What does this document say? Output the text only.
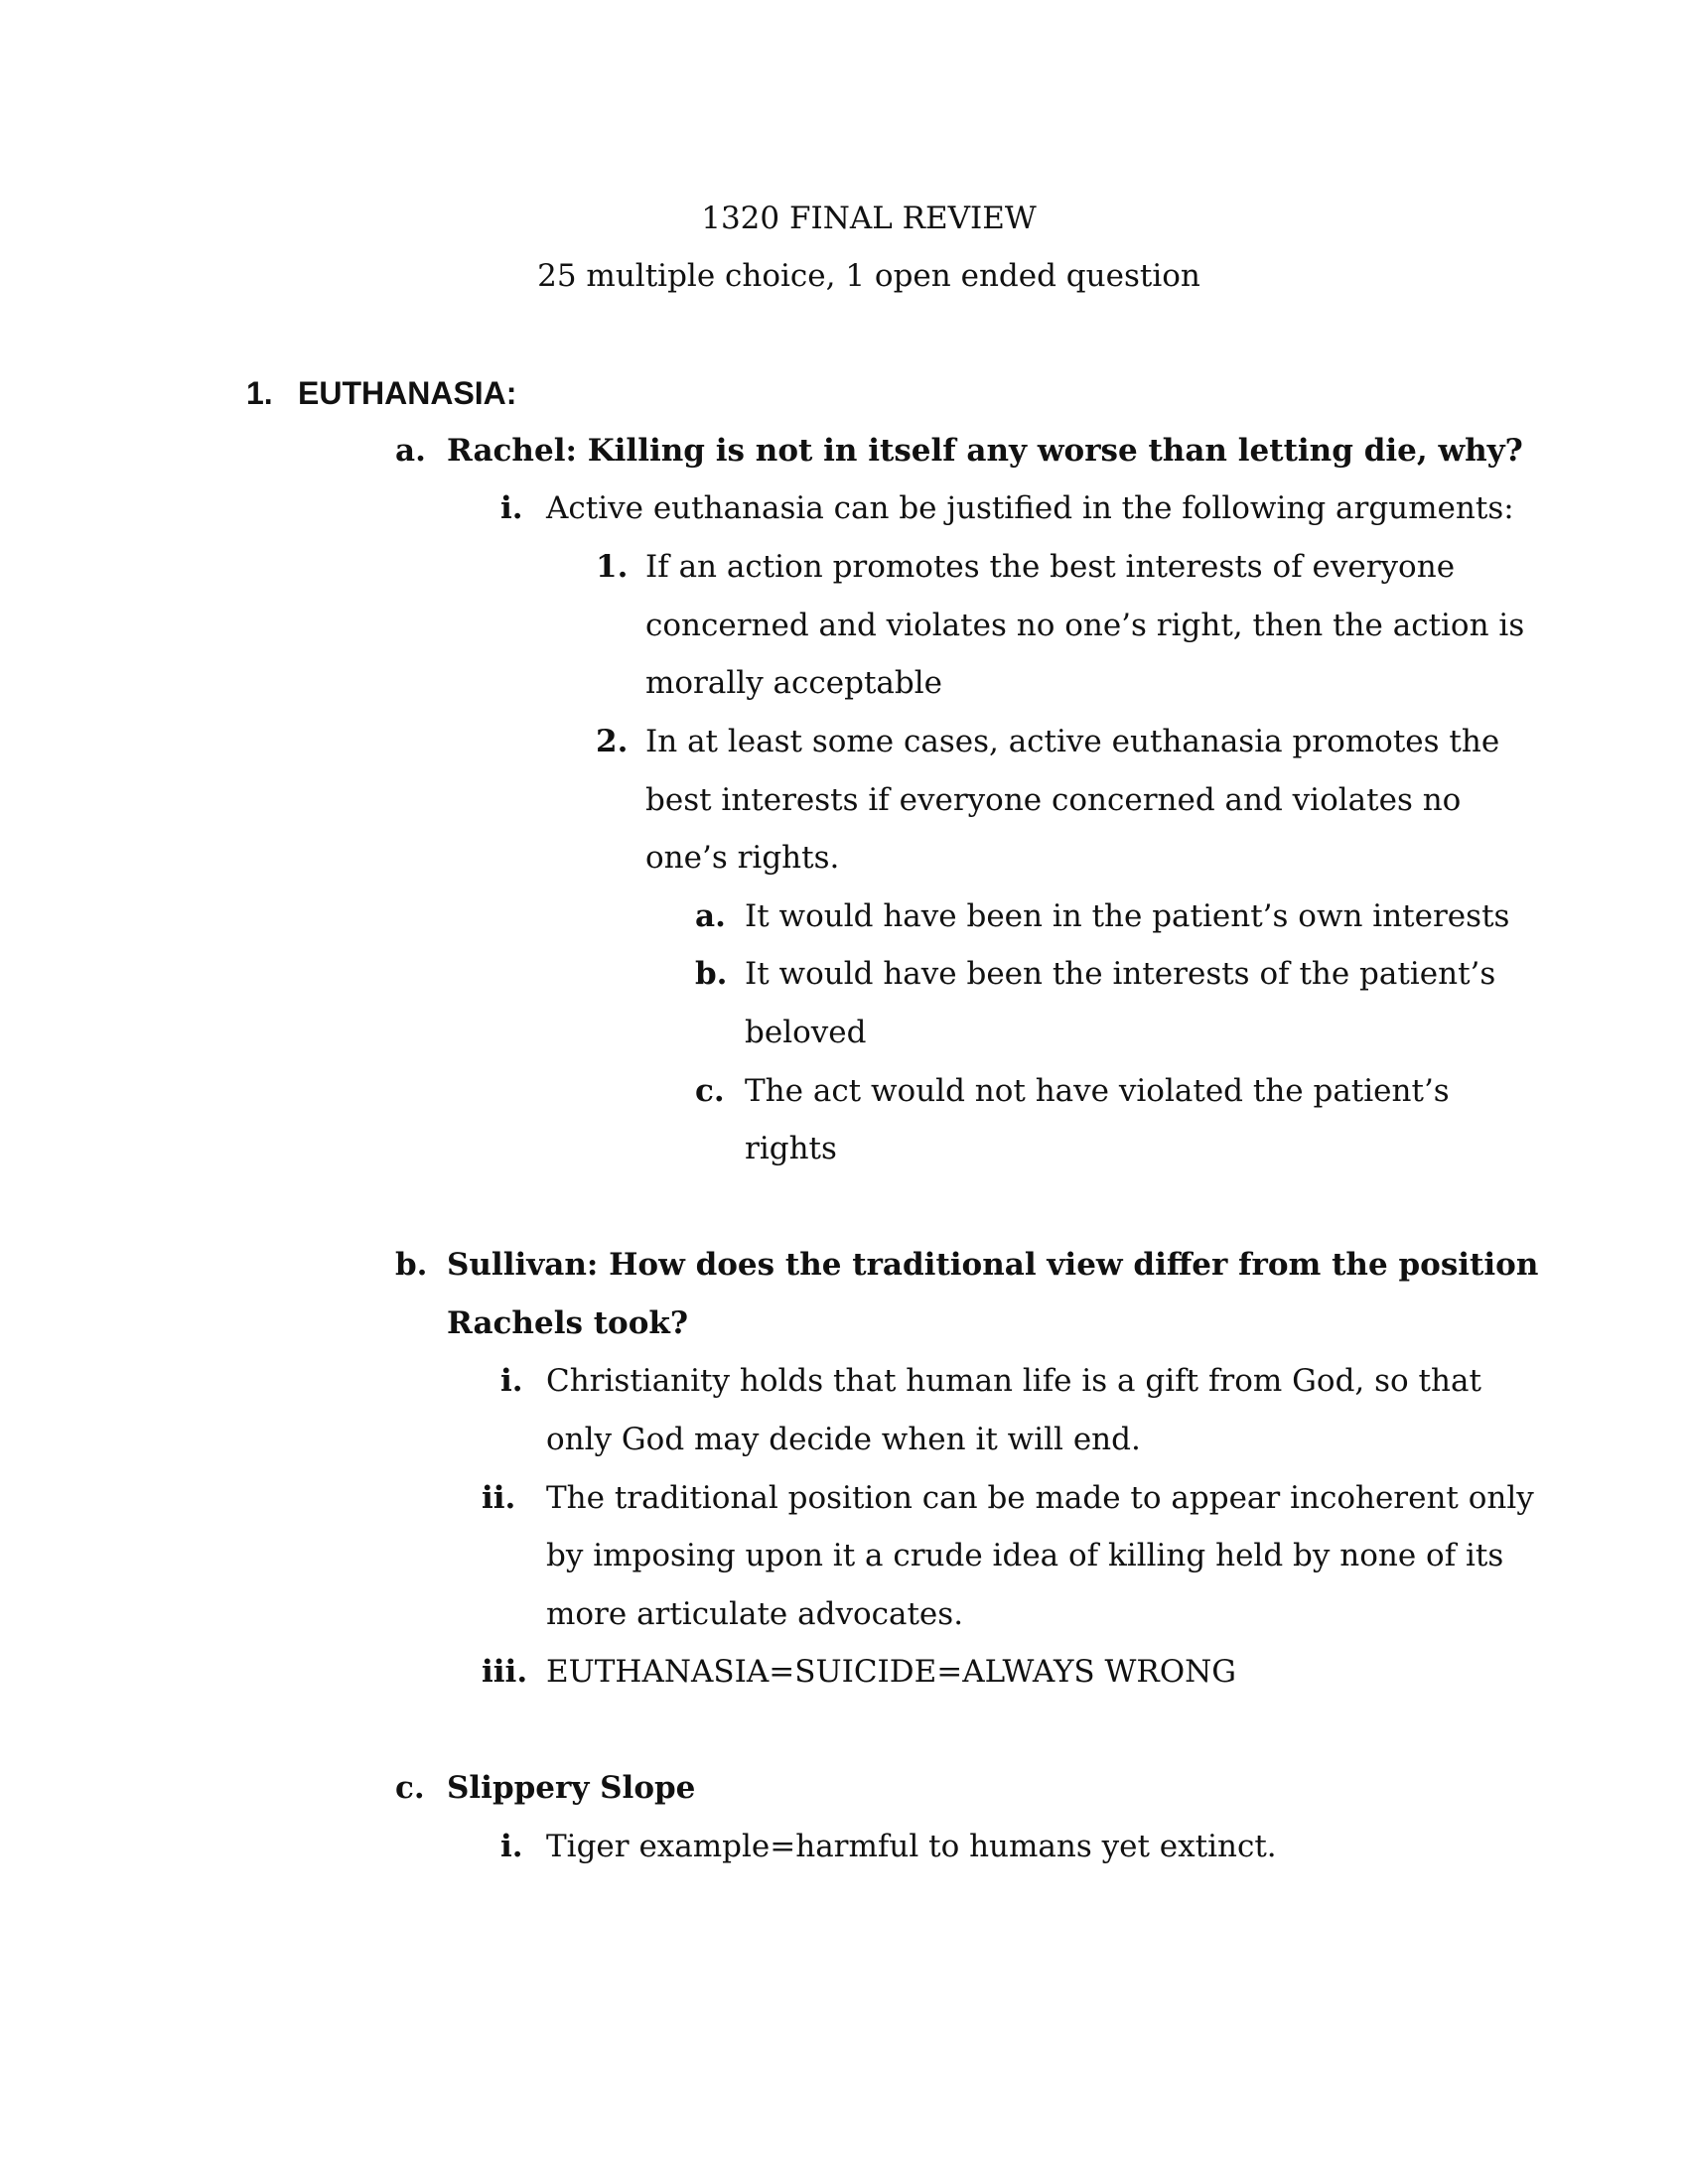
1320 FINAL REVIEW
25 multiple choice, 1 open ended question
1. EUTHANASIA:
a. Rachel: Killing is not in itself any worse than letting die, why?
i. Active euthanasia can be justified in the following arguments:
1. If an action promotes the best interests of everyone
concerned and violates no one’s right, then the action is
morally acceptable
2. In at least some cases, active euthanasia promotes the
best interests if everyone concerned and violates no
one’s rights.
a. It would have been in the patient’s own interests
b. It would have been the interests of the patient’s
beloved
c. The act would not have violated the patient’s
rights
b. Sullivan: How does the traditional view differ from the position
Rachels took?
i. Christianity holds that human life is a gift from God, so that
only God may decide when it will end.
ii. The traditional position can be made to appear incoherent only
by imposing upon it a crude idea of killing held by none of its
more articulate advocates.
iii. EUTHANASIA=SUICIDE=ALWAYS WRONG
c. Slippery Slope
i. Tiger example=harmful to humans yet extinct.
